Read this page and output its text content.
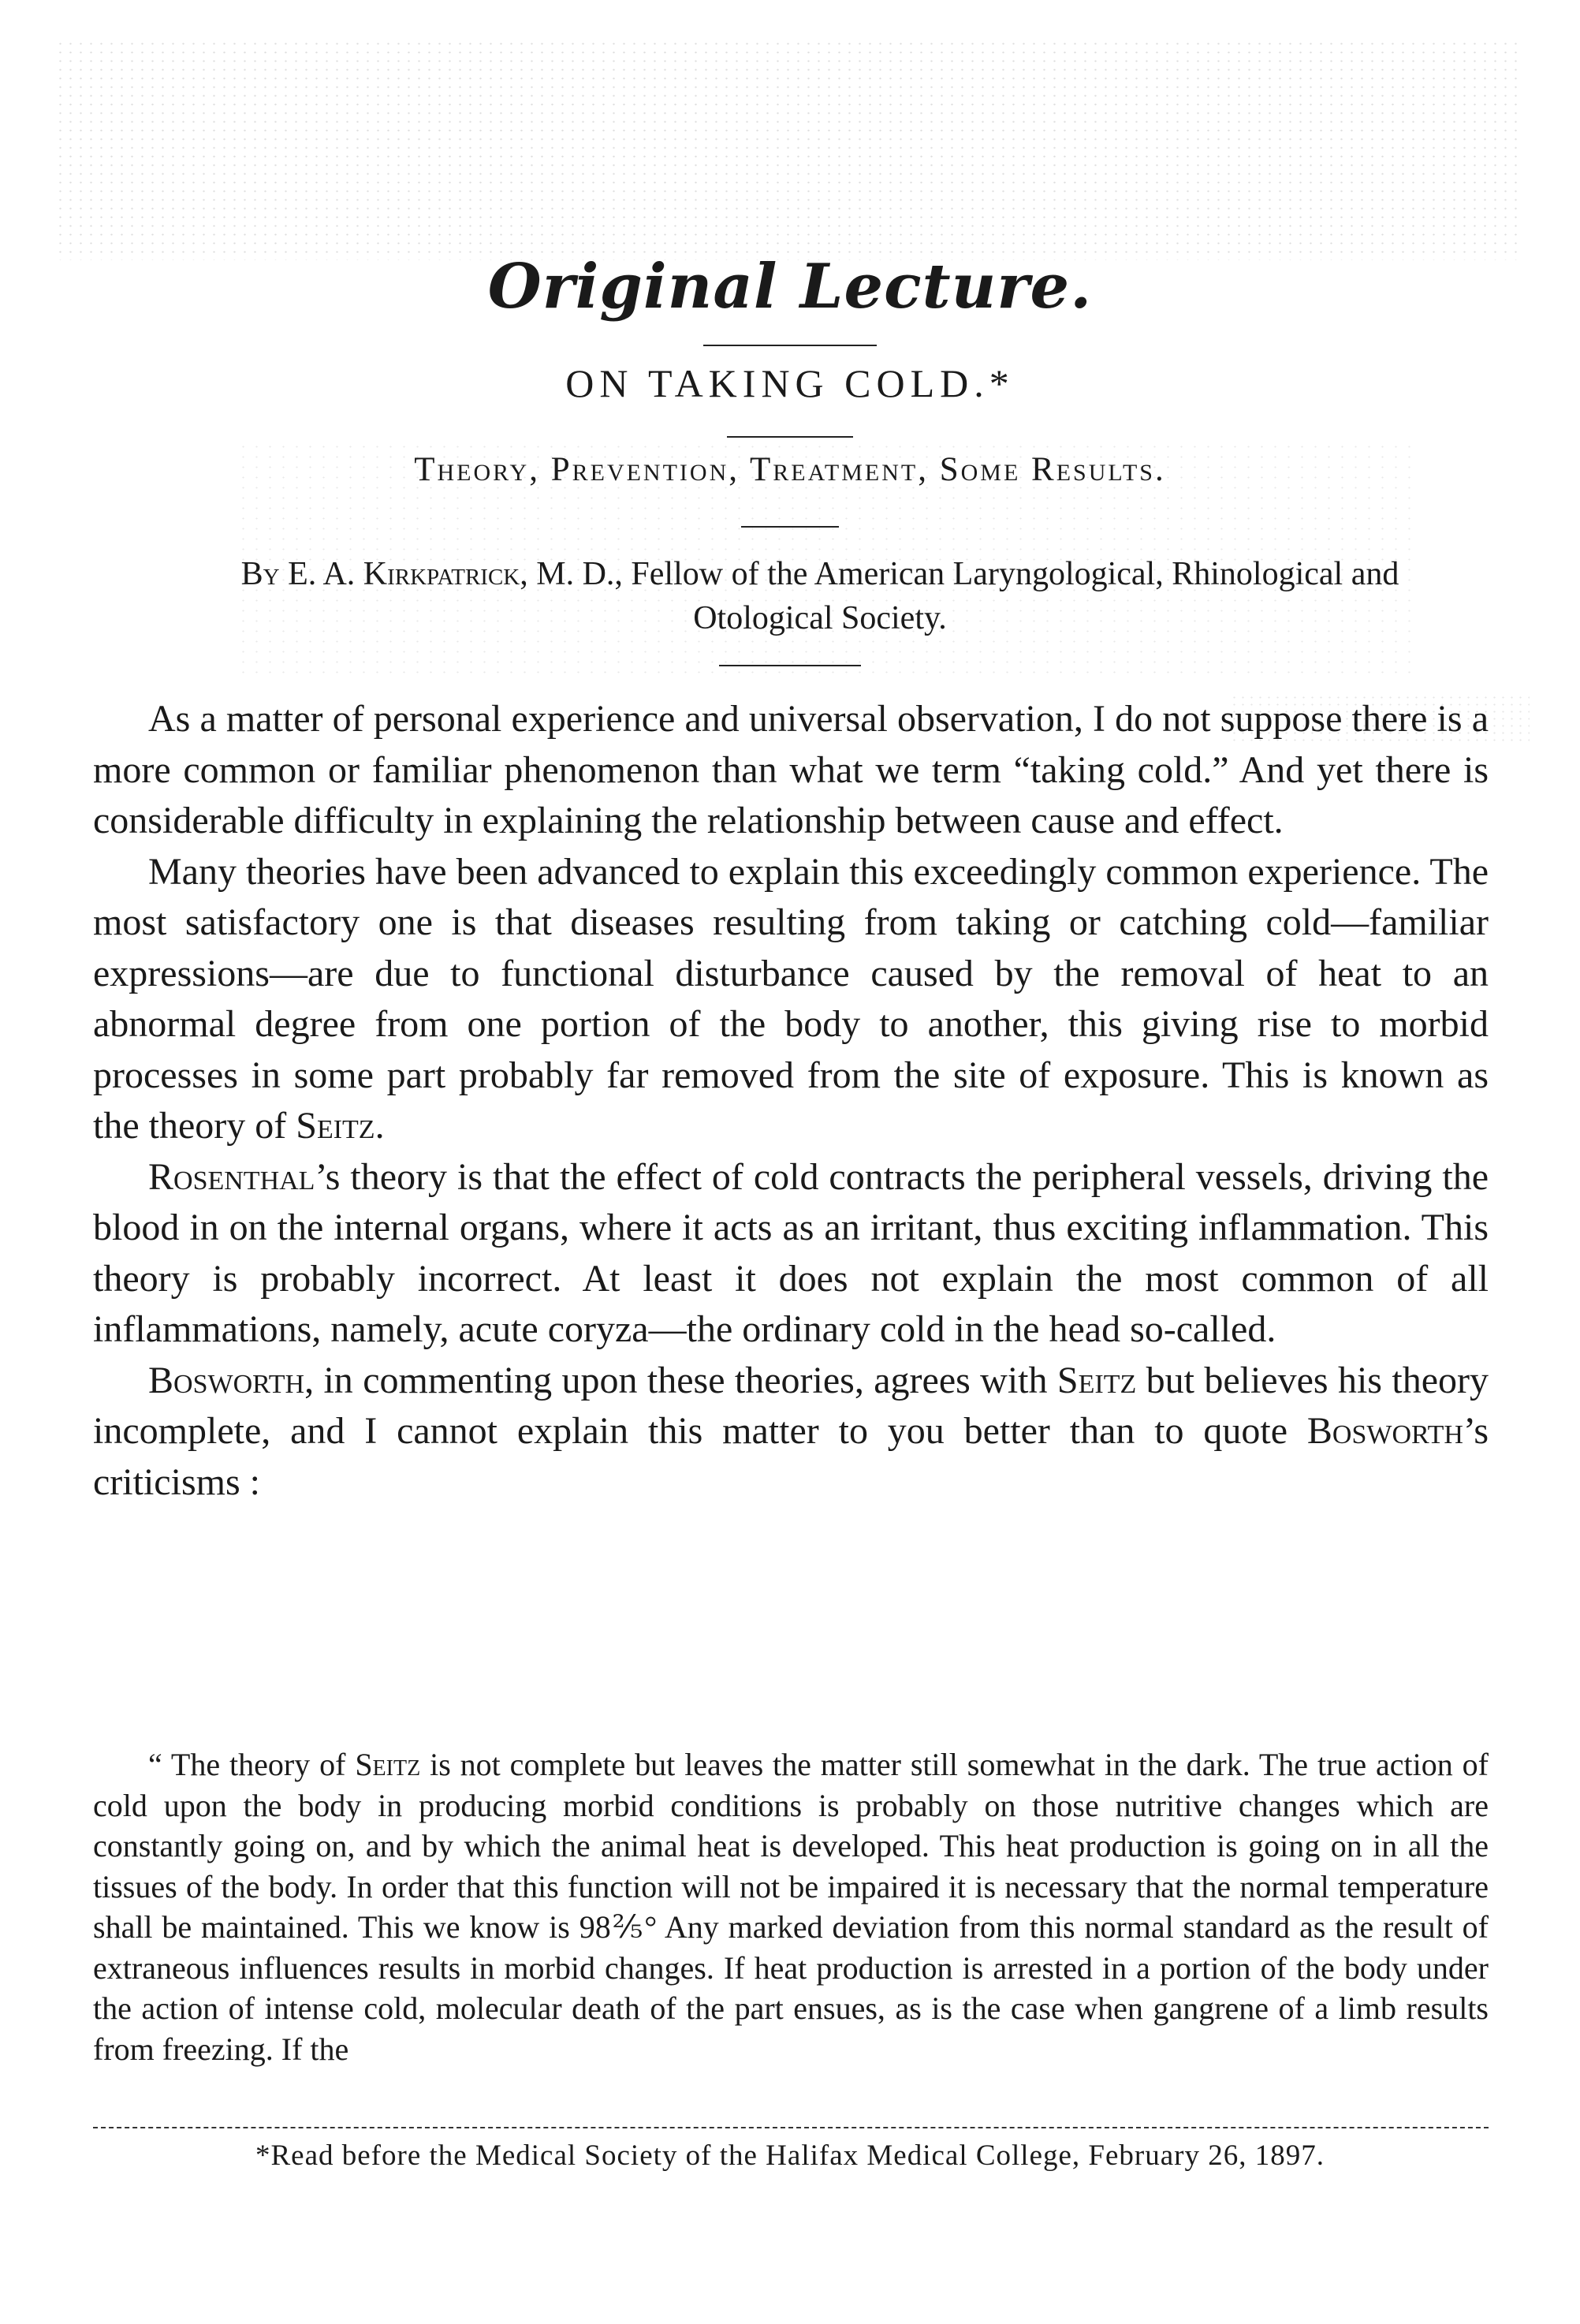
Original Lecture.
ON TAKING COLD.*
Theory, Prevention, Treatment, Some Results.
By E. A. Kirkpatrick, M. D., Fellow of the American Laryngological, Rhinological and Otological Society.

As a matter of personal experience and universal observation, I do not suppose there is a more common or familiar phenomenon than what we term “taking cold.” And yet there is considerable difficulty in explaining the relationship between cause and effect.

Many theories have been advanced to explain this exceedingly common experience. The most satisfactory one is that diseases resulting from taking or catching cold—familiar expressions—are due to functional disturbance caused by the removal of heat to an abnormal degree from one portion of the body to another, this giving rise to morbid processes in some part probably far removed from the site of exposure. This is known as the theory of Seitz.

Rosenthal’s theory is that the effect of cold contracts the peripheral vessels, driving the blood in on the internal organs, where it acts as an irritant, thus exciting inflammation. This theory is probably incorrect. At least it does not explain the most common of all inflammations, namely, acute coryza—the ordinary cold in the head so-called.

Bosworth, in commenting upon these theories, agrees with Seitz but believes his theory incomplete, and I cannot explain this matter to you better than to quote Bosworth’s criticisms :

“ The theory of Seitz is not complete but leaves the matter still somewhat in the dark. The true action of cold upon the body in producing morbid conditions is probably on those nutritive changes which are constantly going on, and by which the animal heat is developed. This heat production is going on in all the tissues of the body. In order that this function will not be impaired it is necessary that the normal temperature shall be maintained. This we know is 98⅖° Any marked deviation from this normal standard as the result of extraneous influences results in morbid changes. If heat production is arrested in a portion of the body under the action of intense cold, molecular death of the part ensues, as is the case when gangrene of a limb results from freezing. If the

*Read before the Medical Society of the Halifax Medical College, February 26, 1897.
